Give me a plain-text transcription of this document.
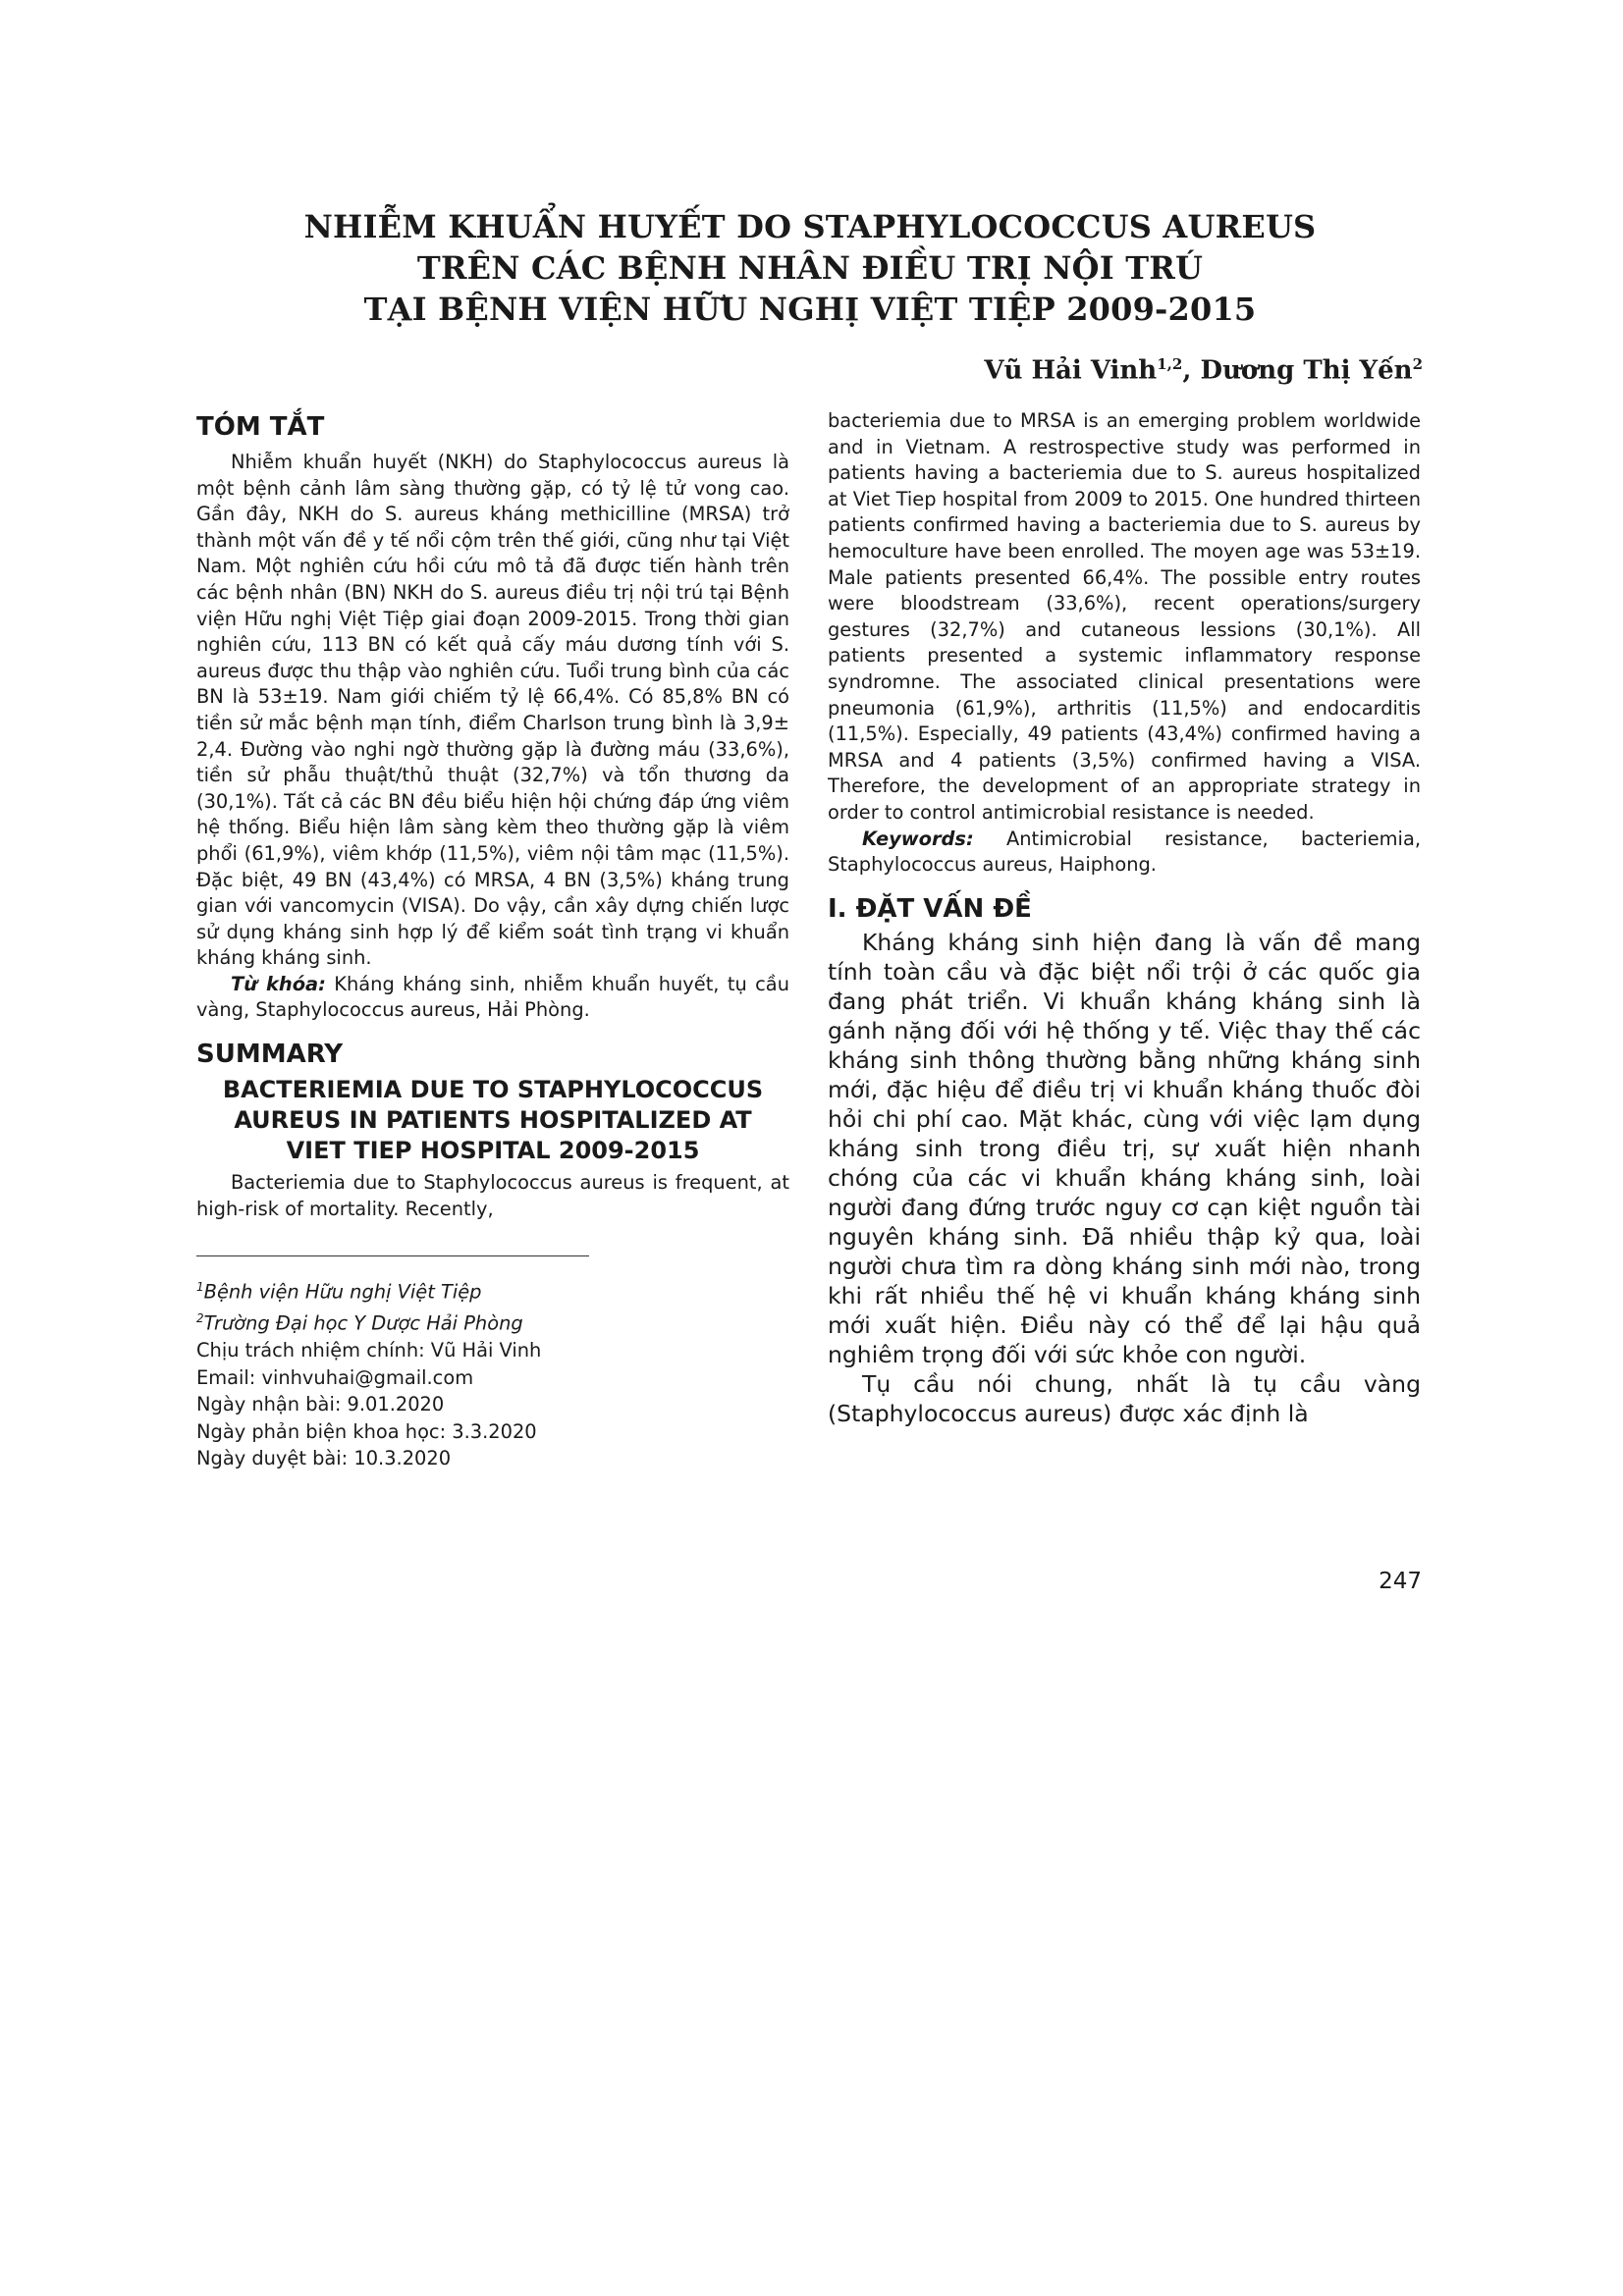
NHIỄM KHUẨN HUYẾT DO STAPHYLOCOCCUS AUREUS
TRÊN CÁC BỆNH NHÂN ĐIỀU TRỊ NỘI TRÚ
TẠI BỆNH VIỆN HỮU NGHỊ VIỆT TIỆP 2009-2015
Vũ Hải Vinh$^{1,2}$, Dương Thị Yến$^2$
TÓM TẮT

Nhiễm khuẩn huyết (NKH) do Staphylococcus aureus là một bệnh cảnh lâm sàng thường gặp, có tỷ lệ tử vong cao. Gần đây, NKH do S. aureus kháng methicilline (MRSA) trở thành một vấn đề y tế nổi cộm trên thế giới, cũng như tại Việt Nam. Một nghiên cứu hồi cứu mô tả đã được tiến hành trên các bệnh nhân (BN) NKH do S. aureus điều trị nội trú tại Bệnh viện Hữu nghị Việt Tiệp giai đoạn 2009-2015. Trong thời gian nghiên cứu, 113 BN có kết quả cấy máu dương tính với S. aureus được thu thập vào nghiên cứu. Tuổi trung bình của các BN là 53±19. Nam giới chiếm tỷ lệ 66,4%. Có 85,8% BN có tiền sử mắc bệnh mạn tính, điểm Charlson trung bình là 3,9± 2,4. Đường vào nghi ngờ thường gặp là đường máu (33,6%), tiền sử phẫu thuật/thủ thuật (32,7%) và tổn thương da (30,1%). Tất cả các BN đều biểu hiện hội chứng đáp ứng viêm hệ thống. Biểu hiện lâm sàng kèm theo thường gặp là viêm phổi (61,9%), viêm khớp (11,5%), viêm nội tâm mạc (11,5%). Đặc biệt, 49 BN (43,4%) có MRSA, 4 BN (3,5%) kháng trung gian với vancomycin (VISA). Do vậy, cần xây dựng chiến lược sử dụng kháng sinh hợp lý để kiểm soát tình trạng vi khuẩn kháng kháng sinh.

Từ khóa: Kháng kháng sinh, nhiễm khuẩn huyết, tụ cầu vàng, Staphylococcus aureus, Hải Phòng.

SUMMARY
BACTERIEMIA DUE TO STAPHYLOCOCCUS
AUREUS IN PATIENTS HOSPITALIZED AT
VIET TIEP HOSPITAL 2009-2015

Bacteriemia due to Staphylococcus aureus is frequent, at high-risk of mortality. Recently,

$^1$Bệnh viện Hữu nghị Việt Tiệp
$^2$Trường Đại học Y Dược Hải Phòng
Chịu trách nhiệm chính: Vũ Hải Vinh
Email: vinhvuhai@gmail.com
Ngày nhận bài: 9.01.2020
Ngày phản biện khoa học: 3.3.2020
Ngày duyệt bài: 10.3.2020

bacteriemia due to MRSA is an emerging problem worldwide and in Vietnam. A restrospective study was performed in patients having a bacteriemia due to S. aureus hospitalized at Viet Tiep hospital from 2009 to 2015. One hundred thirteen patients confirmed having a bacteriemia due to S. aureus by hemoculture have been enrolled. The moyen age was 53±19. Male patients presented 66,4%. The possible entry routes were bloodstream (33,6%), recent operations/surgery gestures (32,7%) and cutaneous lessions (30,1%). All patients presented a systemic inflammatory response syndromne. The associated clinical presentations were pneumonia (61,9%), arthritis (11,5%) and endocarditis (11,5%). Especially, 49 patients (43,4%) confirmed having a MRSA and 4 patients (3,5%) confirmed having a VISA. Therefore, the development of an appropriate strategy in order to control antimicrobial resistance is needed.

Keywords: Antimicrobial resistance, bacteriemia, Staphylococcus aureus, Haiphong.

I. ĐẶT VẤN ĐỀ

Kháng kháng sinh hiện đang là vấn đề mang tính toàn cầu và đặc biệt nổi trội ở các quốc gia đang phát triển. Vi khuẩn kháng kháng sinh là gánh nặng đối với hệ thống y tế. Việc thay thế các kháng sinh thông thường bằng những kháng sinh mới, đặc hiệu để điều trị vi khuẩn kháng thuốc đòi hỏi chi phí cao. Mặt khác, cùng với việc lạm dụng kháng sinh trong điều trị, sự xuất hiện nhanh chóng của các vi khuẩn kháng kháng sinh, loài người đang đứng trước nguy cơ cạn kiệt nguồn tài nguyên kháng sinh. Đã nhiều thập kỷ qua, loài người chưa tìm ra dòng kháng sinh mới nào, trong khi rất nhiều thế hệ vi khuẩn kháng kháng sinh mới xuất hiện. Điều này có thể để lại hậu quả nghiêm trọng đối với sức khỏe con người.

Tụ cầu nói chung, nhất là tụ cầu vàng (Staphylococcus aureus) được xác định là

247
